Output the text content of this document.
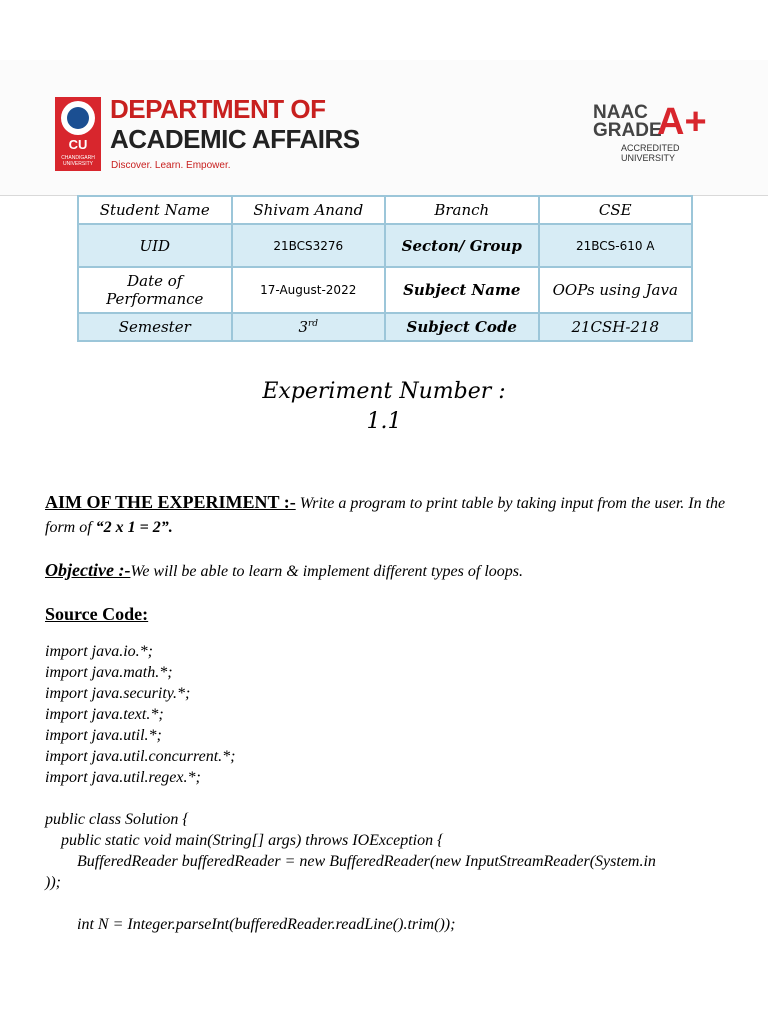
CU
CHANDIGARH UNIVERSITY
DEPARTMENT OF
ACADEMIC AFFAIRS
Discover. Learn. Empower.
NAAC
GRADE
A+
ACCREDITED UNIVERSITY
Student Name	Shivam Anand	Branch	CSE
UID	21BCS3276	Secton/ Group	21BCS-610 A
Date of Performance	17-August-2022	Subject Name	OOPs using Java
Semester	3rd	Subject Code	21CSH-218
Experiment Number :
1.1
AIM OF THE EXPERIMENT :- Write a program to print table by taking input from the user. In the form of “2 x 1 = 2”.
Objective :-We will be able to learn & implement different types of loops.
Source Code:
import java.io.*;
import java.math.*;
import java.security.*;
import java.text.*;
import java.util.*;
import java.util.concurrent.*;
import java.util.regex.*;
public class Solution {
public static void main(String[] args) throws IOException {
BufferedReader bufferedReader = new BufferedReader(new InputStreamReader(System.in
));
int N = Integer.parseInt(bufferedReader.readLine().trim());
